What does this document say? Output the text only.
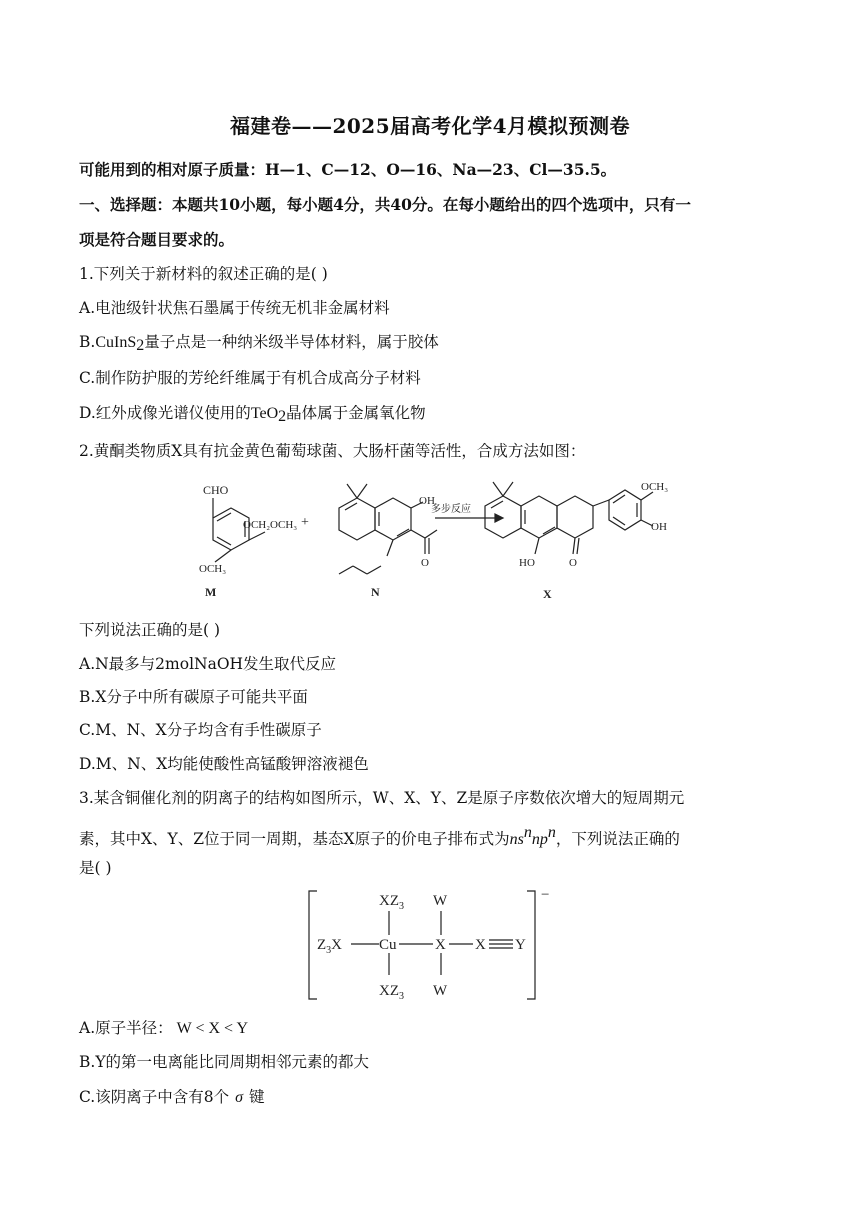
福建卷——2025届高考化学4月模拟预测卷
可能用到的相对原子质量：H—1、C—12、O—16、Na—23、Cl—35.5。
一、选择题：本题共10小题，每小题4分，共40分。在每小题给出的四个选项中，只有一
项是符合题目要求的。
1.下列关于新材料的叙述正确的是( )
A.电池级针状焦石墨属于传统无机非金属材料
B.CuInS$_2$量子点是一种纳米级半导体材料，属于胶体
C.制作防护服的芳纶纤维属于有机合成高分子材料
D.红外成像光谱仪使用的TeO$_2$晶体属于金属氧化物
2.黄酮类物质X具有抗金黄色葡萄球菌、大肠杆菌等活性，合成方法如图：
CHO
OCH₂OCH₃
OCH₃
M
+
OH
O
N
多步反应
OCH₃
OH
HO	O
X
下列说法正确的是( )
A.N最多与2molNaOH发生取代反应
B.X分子中所有碳原子可能共平面
C.M、N、X分子均含有手性碳原子
D.M、N、X均能使酸性高锰酸钾溶液褪色
3.某含铜催化剂的阴离子的结构如图所示，W、X、Y、Z是原子序数依次增大的短周期元
素，其中X、Y、Z位于同一周期，基态X原子的价电子排布式为$ns^nnp^n$，下列说法正确的
是( )
$XZ_3$ W
$Z_3X$ Cu	X X Y
$XZ_3$ W
−
A.原子半径： W < X < Y
B.Y的第一电离能比同周期相邻元素的都大
C.该阴离子中含有8个 σ 键
